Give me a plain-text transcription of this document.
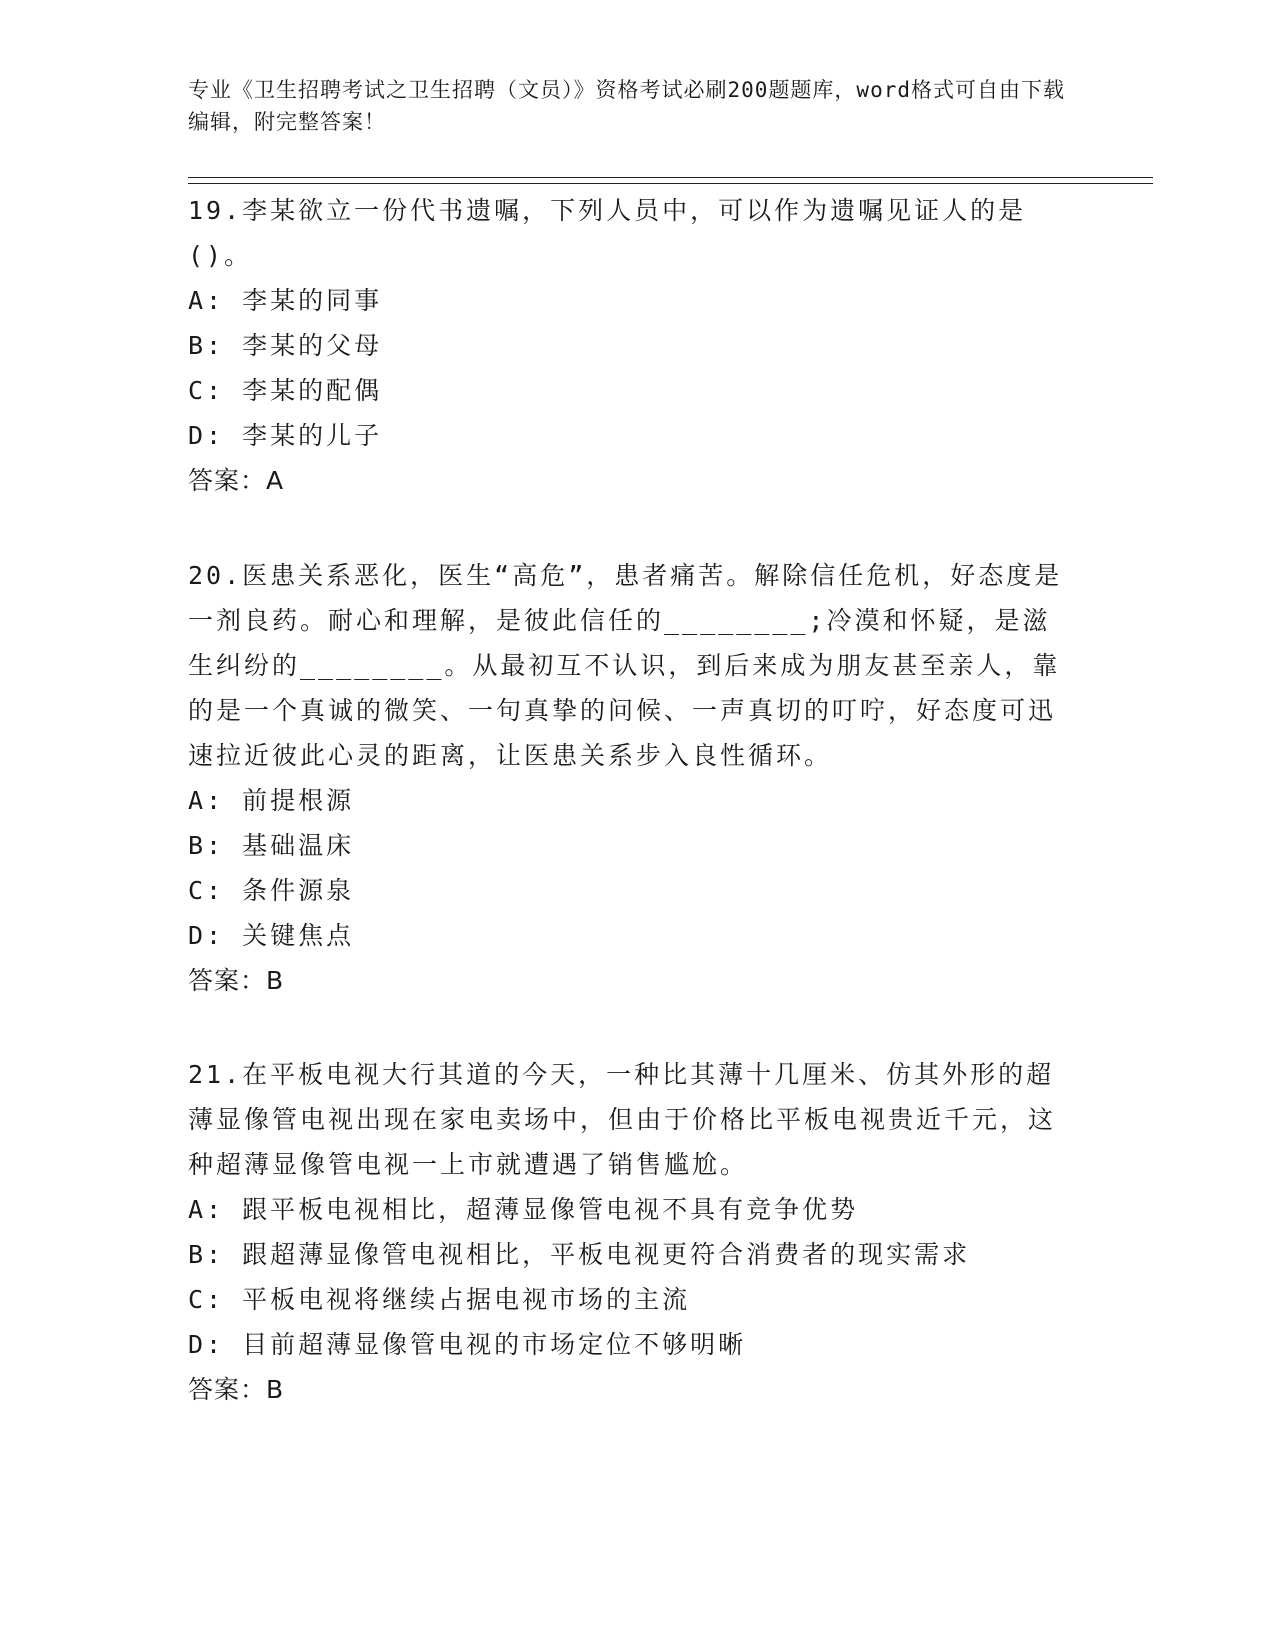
专业《卫生招聘考试之卫生招聘（文员）》资格考试必刷200题题库，word格式可自由下载编辑，附完整答案！

19.李某欲立一份代书遗嘱，下列人员中，可以作为遗嘱见证人的是()。

A: 李某的同事
B: 李某的父母
C: 李某的配偶
D: 李某的儿子

答案：A

20.医患关系恶化，医生“高危”，患者痛苦。解除信任危机，好态度是一剂良药。耐心和理解，是彼此信任的________;冷漠和怀疑，是滋生纠纷的________。从最初互不认识，到后来成为朋友甚至亲人，靠的是一个真诚的微笑、一句真挚的问候、一声真切的叮咛，好态度可迅速拉近彼此心灵的距离，让医患关系步入良性循环。

A: 前提根源
B: 基础温床
C: 条件源泉
D: 关键焦点

答案：B

21.在平板电视大行其道的今天，一种比其薄十几厘米、仿其外形的超薄显像管电视出现在家电卖场中，但由于价格比平板电视贵近千元，这种超薄显像管电视一上市就遭遇了销售尴尬。

A: 跟平板电视相比，超薄显像管电视不具有竞争优势
B: 跟超薄显像管电视相比，平板电视更符合消费者的现实需求
C: 平板电视将继续占据电视市场的主流
D: 目前超薄显像管电视的市场定位不够明晰

答案：B
